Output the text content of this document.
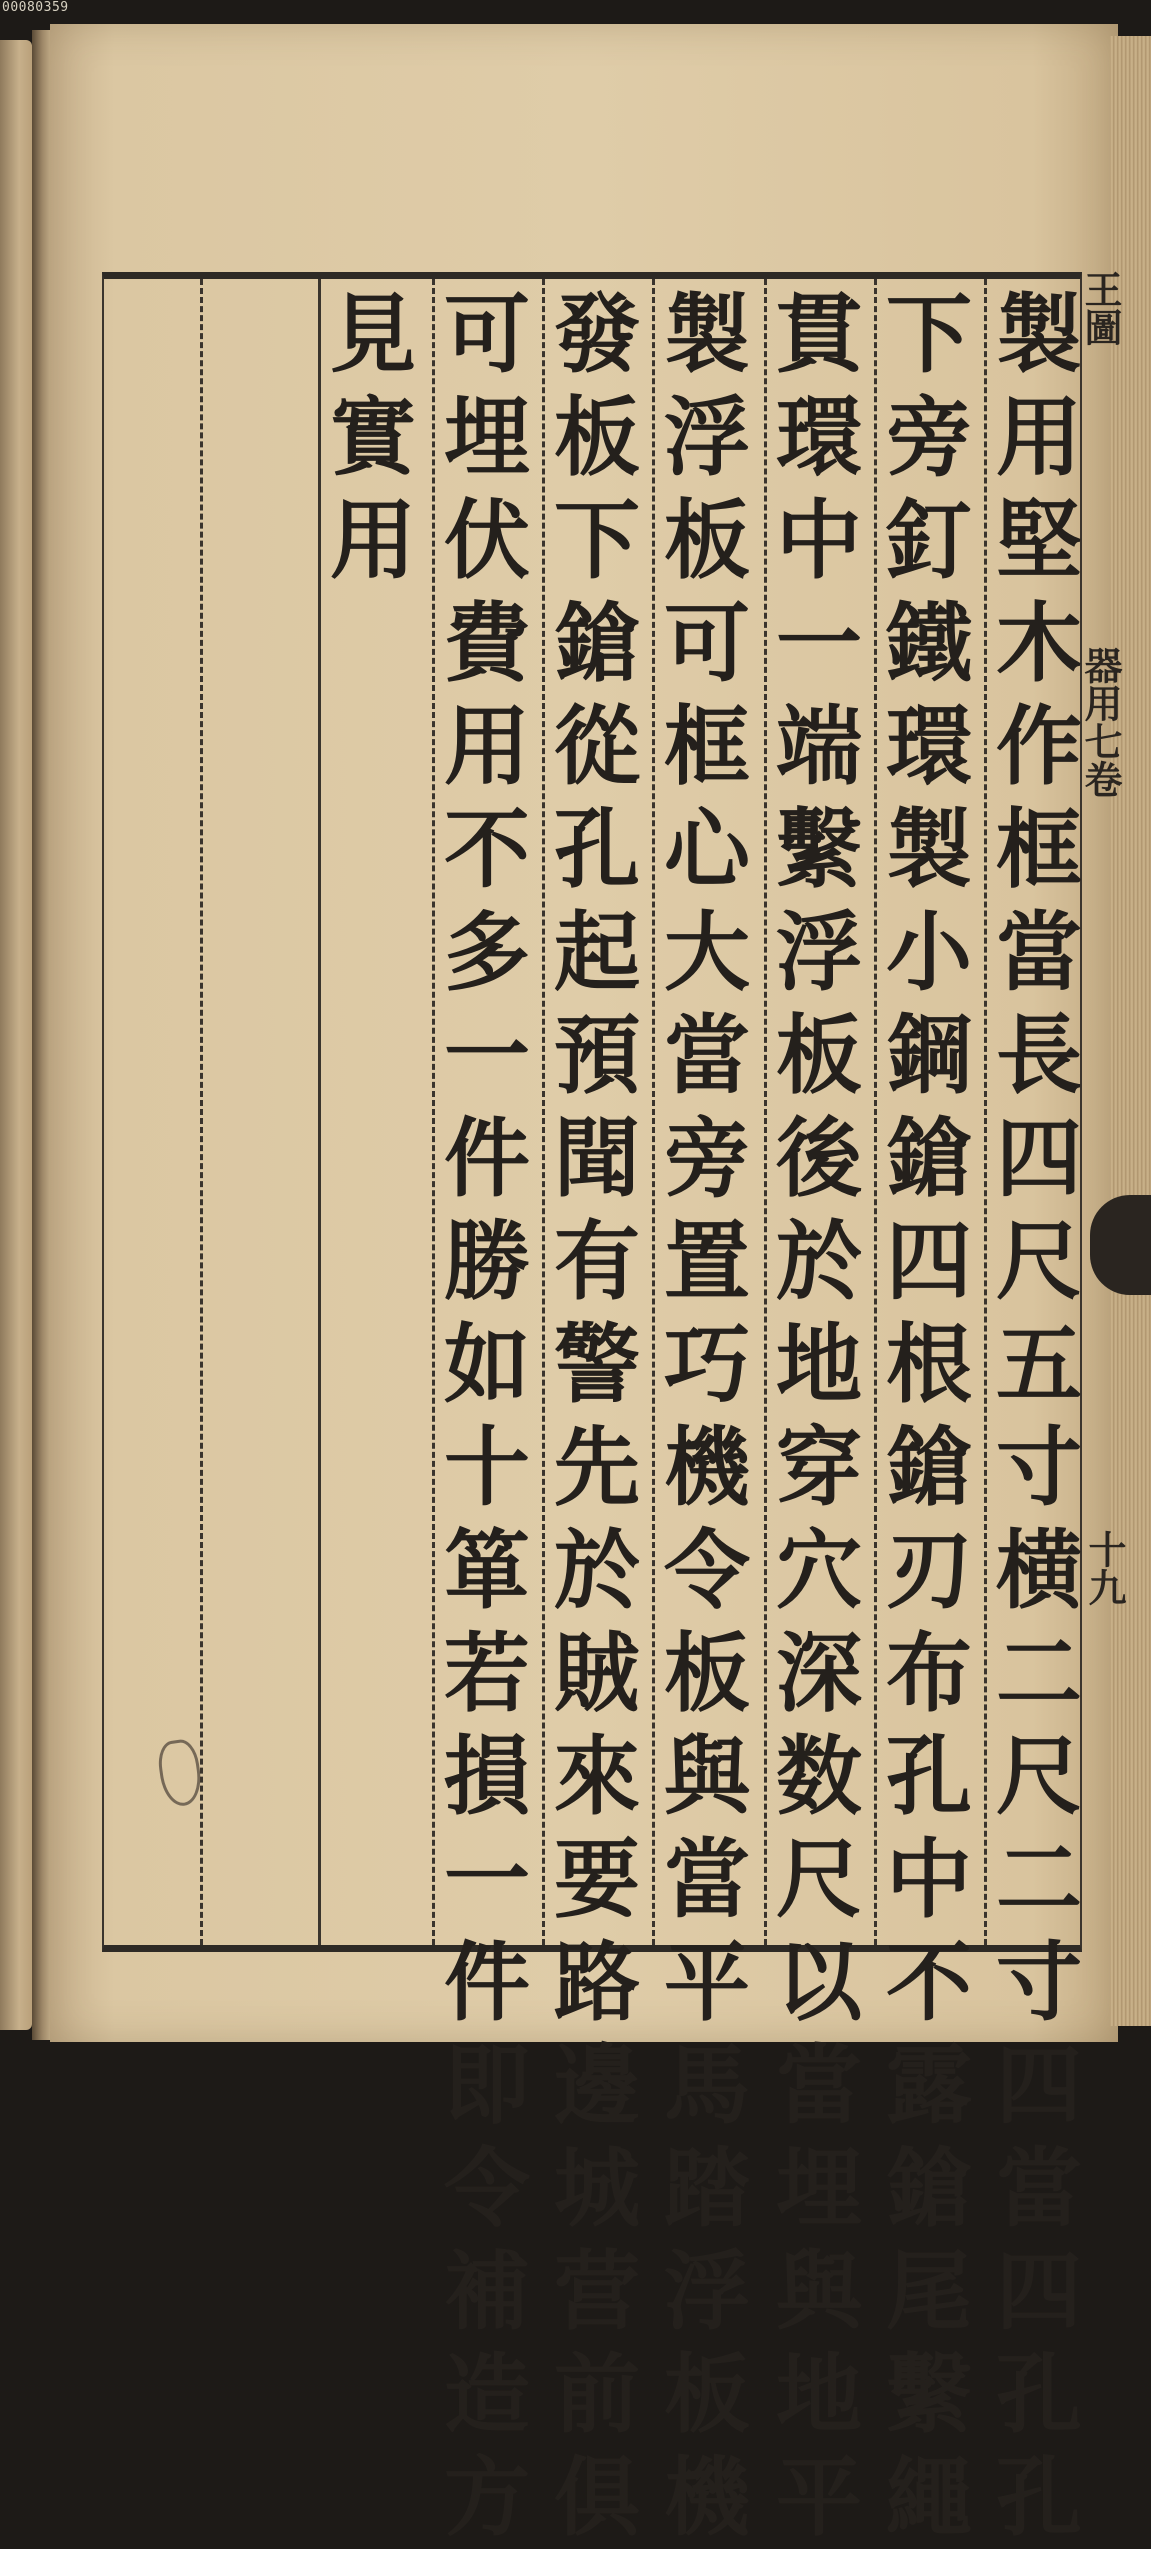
00080359
製
用
堅
木
作
框
當
長
四
尺
五
寸
横
二
尺
二
寸
四
當
四
孔
孔
下
旁
釘
鐵
環
製
小
鋼
鎗
四
根
鎗
刃
布
孔
中
不
露
鎗
尾
繫
繩
貫
環
中
一
端
繫
浮
板
後
於
地
穿
穴
深
数
尺
以
當
埋
與
地
平
製
浮
板
可
框
心
大
當
旁
置
巧
機
令
板
與
當
平
馬
踏
浮
板
機
發
板
下
鎗
從
孔
起
預
聞
有
警
先
於
賊
來
要
路
邊
城
营
前
俱
可
埋
伏
費
用
不
多
一
件
勝
如
十
箪
若
損
一
件
即
令
補
造
方
見
實
用
王圖
器用七卷
十九
